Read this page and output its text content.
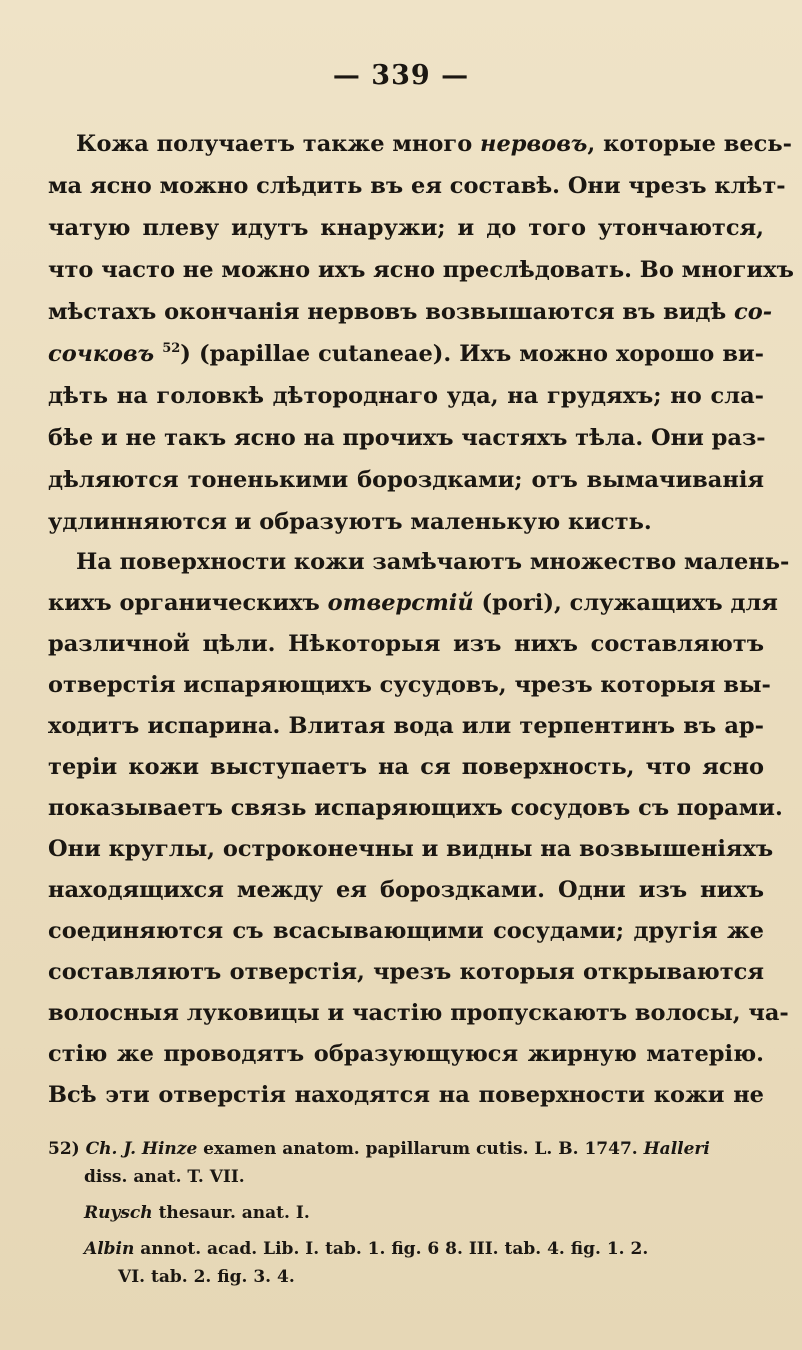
— 339 —
Кожа получаетъ также много нервовъ, которые весь-
ма ясно можно слѣдить въ ея составѣ. Они чрезъ клѣт-
чатую плеву идутъ кнаружи; и до того утончаются,
что часто не можно ихъ ясно преслѣдовать. Во многихъ
мѣстахъ окончанія нервовъ возвышаются въ видѣ со-
сочковъ $^{52}$) (papillae cutaneae). Ихъ можно хорошо ви-
дѣть на головкѣ дѣтороднаго уда, на грудяхъ; но сла-
бѣе и не такъ ясно на прочихъ частяхъ тѣла. Они раз-
дѣляются тоненькими бороздками; отъ вымачиванія
удлинняются и образуютъ маленькую кисть.
На поверхности кожи замѣчаютъ множество малень-
кихъ органическихъ отверстій (pori), служащихъ для
различной цѣли. Нѣкоторыя изъ нихъ составляютъ
отверстія испаряющихъ сусудовъ, чрезъ которыя вы-
ходитъ испарина. Влитая вода или терпентинъ въ ар-
теріи кожи выступаетъ на ся поверхность, что ясно
показываетъ связь испаряющихъ сосудовъ съ порами.
Они круглы, остроконечны и видны на возвышеніяхъ
находящихся между ея бороздками. Одни изъ нихъ
соединяются съ всасывающими сосудами; другія же
составляютъ отверстія, чрезъ которыя открываются
волосныя луковицы и частію пропускаютъ волосы, ча-
стію же проводятъ образующуюся жирную матерію.
Всѣ эти отверстія находятся на поверхности кожи не
52) Ch. J. Hinze examen anatom. papillarum cutis. L. B. 1747. Halleri
diss. anat. T. VII.
Ruysch thesaur. anat. I.
Albin annot. acad. Lib. I. tab. 1. fig. 6 8. III. tab. 4. fig. 1. 2.
VI. tab. 2. fig. 3. 4.
